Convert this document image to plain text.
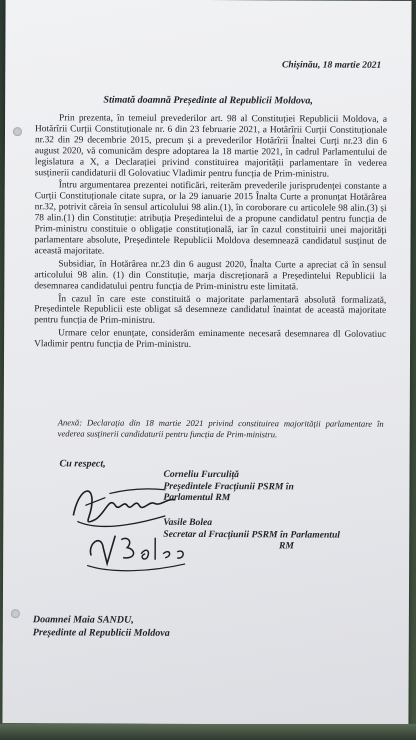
Chișinău, 18 martie 2021
Stimată doamnă Președinte al Republicii Moldova,

Prin prezenta, în temeiul prevederilor art. 98 al Constituției Republicii Moldova, a Hotărîrii Curții Constituționale nr. 6 din 23 februarie 2021, a Hotărîrii Curții Constituționale nr.32 din 29 decembrie 2015, precum și a prevederilor Hotărîrii Înaltei Curți nr.23 din 6 august 2020, vă comunicăm despre adoptarea la 18 martie 2021, în cadrul Parlamentului de legislatura a X, a Declarației privind constituirea majorității parlamentare în vederea susținerii candidaturii dl Golovatiuc Vladimir pentru funcția de Prim-ministru.

Întru argumentarea prezentei notificări, reiterăm prevederile jurisprudenței constante a Curții Constituționale citate supra, or la 29 ianuarie 2015 Înalta Curte a pronunțat Hotărârea nr.32, potrivit căreia în sensul articolului 98 alin.(1), în coroborare cu articolele 98 alin.(3) și 78 alin.(1) din Constituție: atribuția Președintelui de a propune candidatul pentru funcția de Prim-ministru constituie o obligație constituțională, iar în cazul constituirii unei majorități parlamentare absolute, Președintele Republicii Moldova desemnează candidatul susținut de această majoritate.

Subsidiar, în Hotărârea nr.23 din 6 august 2020, Înalta Curte a apreciat că în sensul articolului 98 alin. (1) din Constituție, marja discreționară a Președintelui Republicii la desemnarea candidatului pentru funcția de Prim-ministru este limitată.

În cazul în care este constituită o majoritate parlamentară absolută formalizată, Președintele Republicii este obligat să desemneze candidatul înaintat de această majoritate pentru funcția de Prim-ministru.

Urmare celor enunțate, considerăm eminamente necesară desemnarea dl Golovatiuc Vladimir pentru funcția de Prim-ministru.

Anexă: Declarația din 18 martie 2021 privind constituirea majorității parlamentare în vederea susținerii candidaturii pentru funcția de Prim-ministru.
Cu respect,
Corneliu Furculiță
Președintele Fracțiunii PSRM în
Parlamentul RM
Vasile Bolea
Secretar al Fracțiunii PSRM în Parlamentul
RM
Doamnei Maia SANDU,
Președinte al Republicii Moldova
